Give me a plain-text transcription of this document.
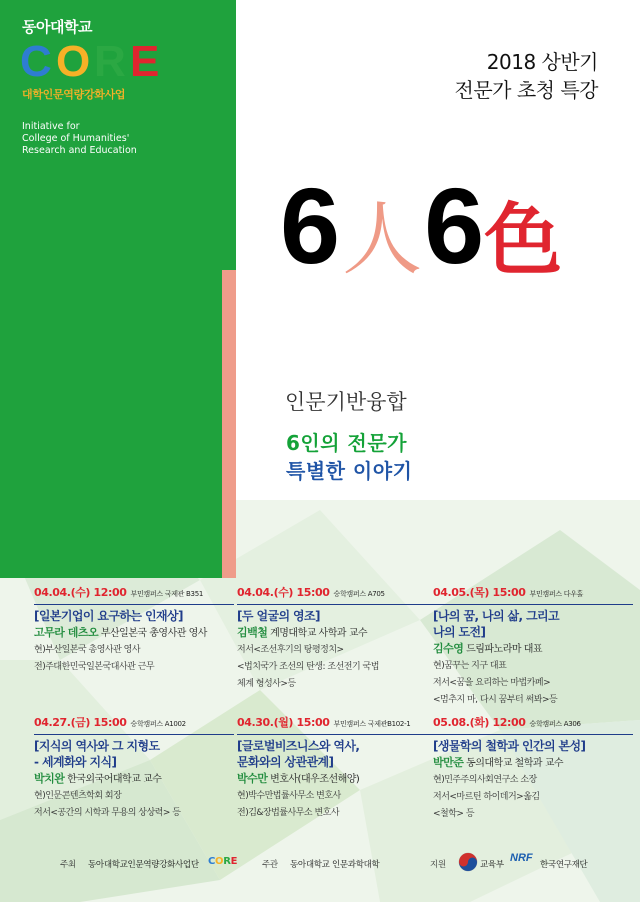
동아대학교
C O R E
대학인문역량강화사업
Initiative for
College of Humanities'
Research and Education
2018 상반기
전문가 초청 특강
6 人 6 色
인문기반융합
6인의 전문가
특별한 이야기
04.04.(수) 12:00 부민캠퍼스 국제관 B351
[일본기업이 요구하는 인재상]
고무라 데츠오 부산일본국 총영사관 영사
현)부산일본국 총영사관 영사
전)주대한민국일본국대사관 근무
04.04.(수) 15:00 승학캠퍼스 A705
[두 얼굴의 영조]
김백철 계명대학교 사학과 교수
저서<조선후기의 탕평정치>
<법치국가 조선의 탄생: 조선전기 국법
체계 형성사>등
04.05.(목) 15:00 부민캠퍼스 다우홀
[나의 꿈, 나의 삶, 그리고
나의 도전]
김수영 드림파노라마 대표
현)꿈꾸는 지구 대표
저서<꿈을 요리하는 마법카페>
<멈추지 마, 다시 꿈부터 써봐>등
04.27.(금) 15:00 승학캠퍼스 A1002
[지식의 역사와 그 지형도
- 세계화와 지식]
박치완 한국외국어대학교 교수
현)인문콘텐츠학회 회장
저서<공간의 시학과 무용의 상상력> 등
04.30.(월) 15:00 부민캠퍼스 국제관B102-1
[글로벌비즈니스와 역사,
문화와의 상관관계]
박수만 변호사(대우조선해양)
현)박수만법률사무소 변호사
전)김&장법률사무소 변호사
05.08.(화) 12:00 승학캠퍼스 A306
[생물학의 철학과 인간의 본성]
박만준 동의대학교 철학과 교수
현)민주주의사회연구소 소장
저서<마르틴 하이데거>옮김
<철학> 등
주최 동아대학교인문역량강화사업단 CORE	주관 동아대학교 인문과학대학	지원	교육부	한국연구재단
NRF
